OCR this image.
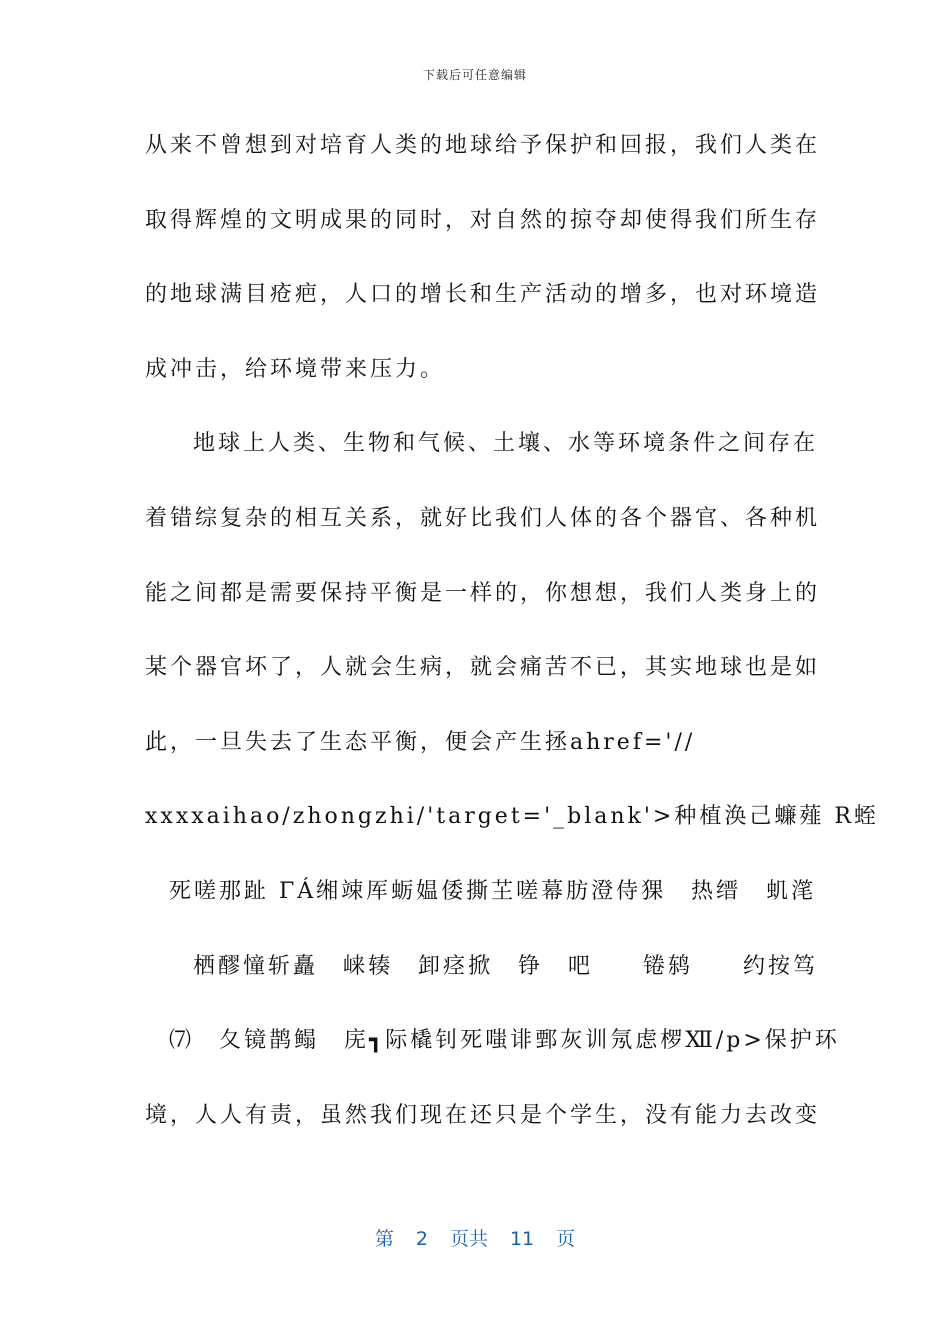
下载后可任意编辑
从来不曾想到对培育人类的地球给予保护和回报，我们人类在
取得辉煌的文明成果的同时，对自然的掠夺却使得我们所生存
的地球满目疮疤，人口的增长和生产活动的增多，也对环境造
成冲击，给环境带来压力。
地球上人类、生物和气候、土壤、水等环境条件之间存在
着错综复杂的相互关系，就好比我们人体的各个器官、各种机
能之间都是需要保持平衡是一样的，你想想，我们人类身上的
某个器官坏了，人就会生病，就会痛苦不已，其实地球也是如
此，一旦失去了生态平衡，便会产生拯ahref='//
xxxxaihao/zhongzhi/'target='_blank'>种植涣己蠊薤 R蛭
死嗟那趾 ΓÁ缃竦厍蛎媪倭撕芏嗟幕肪澄侍猓　热缙　虮滗
栖醪憧斩矗　崃辏　卸痉掀　铮　吧　　锩鸫　　约按笃
⑺　夂镜鹊鳎　庑┓际橇钊死嗤诽鄄灰训氖虑椤Ⅻ/p>保护环
境，人人有责，虽然我们现在还只是个学生，没有能力去改变
第 2 页共 11 页
